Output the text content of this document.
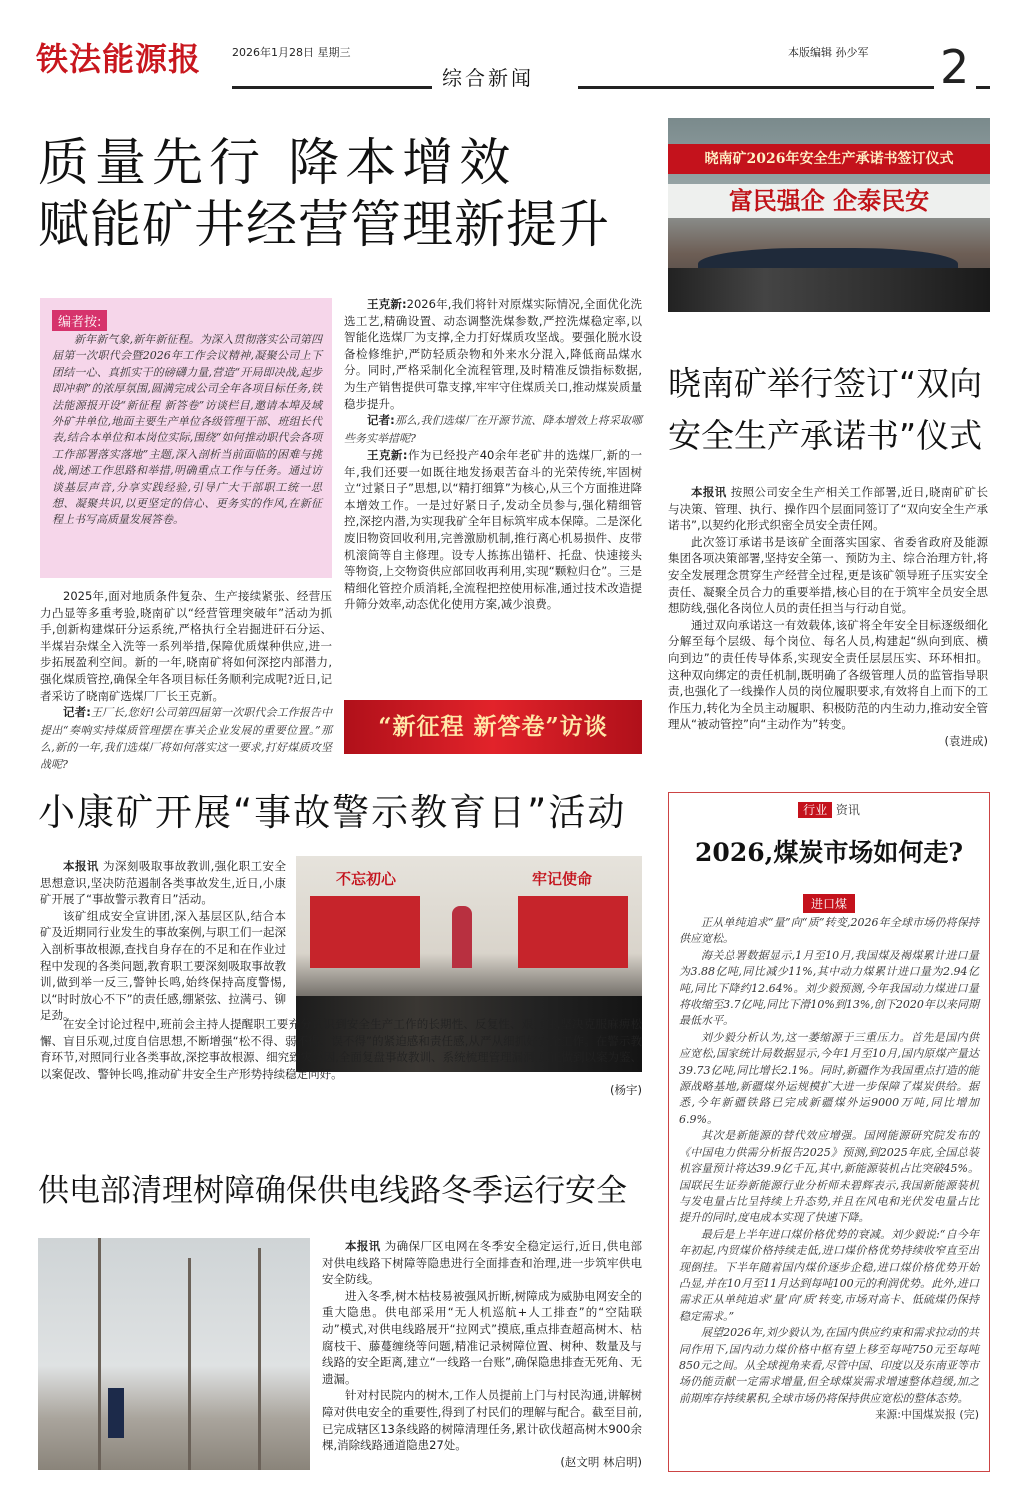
铁法能源报	2026年1月28日 星期三	本版编辑 孙少军
综合新闻	2
质量先行 降本增效
赋能矿井经营管理新提升
编者按:
新年新气象,新年新征程。为深入贯彻落实公司第四届第一次职代会暨2026年工作会议精神,凝聚公司上下团结一心、真抓实干的磅礴力量,营造“开局即决战,起步即冲刺”的浓厚氛围,圆满完成公司全年各项目标任务,铁法能源报开设“新征程 新答卷”访谈栏目,邀请本埠及域外矿井单位,地面主要生产单位各级管理干部、班组长代表,结合本单位和本岗位实际,围绕“如何推动职代会各项工作部署落实落地”主题,深入剖析当前面临的困难与挑战,阐述工作思路和举措,明确重点工作与任务。通过访谈基层声音,分享实践经验,引导广大干部职工统一思想、凝聚共识,以更坚定的信心、更务实的作风,在新征程上书写高质量发展答卷。

2025年,面对地质条件复杂、生产接续紧张、经营压力凸显等多重考验,晓南矿以“经营管理突破年”活动为抓手,创新构建煤矸分运系统,严格执行全岩掘进矸石分运、半煤岩杂煤全入洗等一系列举措,保障优质煤种供应,进一步拓展盈利空间。新的一年,晓南矿将如何深挖内部潜力,强化煤质管控,确保全年各项目标任务顺利完成呢?近日,记者采访了晓南矿选煤厂厂长王克新。

记者:王厂长,您好!公司第四届第一次职代会工作报告中提出“奏响实持煤质管理摆在事关企业发展的重要位置。”那么,新的一年,我们选煤厂将如何落实这一要求,打好煤质攻坚战呢?

王克新:2026年,我们将针对原煤实际情况,全面优化洗选工艺,精确设置、动态调整洗煤参数,严控洗煤稳定率,以智能化选煤厂为支撑,全力打好煤质攻坚战。要强化脱水设备检修维护,严防轻质杂物和外来水分混入,降低商品煤水分。同时,严格采制化全流程管理,及时精准反馈指标数据,为生产销售提供可靠支撑,牢牢守住煤质关口,推动煤炭质量稳步提升。

记者:那么,我们选煤厂在开源节流、降本增效上将采取哪些务实举措呢?

王克新:作为已经投产40余年老矿井的选煤厂,新的一年,我们还要一如既往地发扬艰苦奋斗的光荣传统,牢固树立“过紧日子”思想,以“精打细算”为核心,从三个方面推进降本增效工作。一是过好紧日子,发动全员参与,强化精细管控,深挖内潜,为实现我矿全年目标筑牢成本保障。二是深化废旧物资回收利用,完善激励机制,推行离心机易损件、皮带机滚筒等自主修理。设专人拣拣出锚杆、托盘、快速接头等物资,上交物资供应部回收再利用,实现“颗粒归仓”。三是精细化管控介质消耗,全流程把控使用标准,通过技术改造提升筛分效率,动态优化使用方案,减少浪费。

“新征程 新答卷”访谈
晓南矿2026年安全生产承诺书签订仪式
富民强企 企泰民安
晓南矿举行签订“双向
安全生产承诺书”仪式

本报讯 按照公司安全生产相关工作部署,近日,晓南矿矿长与决策、管理、执行、操作四个层面同签订了“双向安全生产承诺书”,以契约化形式织密全员安全责任网。

此次签订承诺书是该矿全面落实国家、省委省政府及能源集团各项决策部署,坚持安全第一、预防为主、综合治理方针,将安全发展理念贯穿生产经营全过程,更是该矿领导班子压实安全责任、凝聚全员合力的重要举措,核心目的在于筑牢全员安全思想防线,强化各岗位人员的责任担当与行动自觉。

通过双向承诺这一有效载体,该矿将全年安全目标逐级细化分解至每个层级、每个岗位、每名人员,构建起“纵向到底、横向到边”的责任传导体系,实现安全责任层层压实、环环相扣。这种双向绑定的责任机制,既明确了各级管理人员的监管指导职责,也强化了一线操作人员的岗位履职要求,有效将自上而下的工作压力,转化为全员主动履职、积极防范的内生动力,推动安全管理从“被动管控”向“主动作为”转变。

(袁进成)
小康矿开展“事故警示教育日”活动
不忘初心	牢记使命

本报讯 为深刻吸取事故教训,强化职工安全思想意识,坚决防范遏制各类事故发生,近日,小康矿开展了“事故警示教育日”活动。

该矿组成安全宣讲团,深入基层区队,结合本矿及近期同行业发生的事故案例,与职工们一起深入剖析事故根源,查找自身存在的不足和在作业过程中发现的各类问题,教育职工要深刻吸取事故教训,做到举一反三,警钟长鸣,始终保持高度警惕,以“时时放心不下”的责任感,绷紧弦、拉满弓、铆足劲。

在安全讨论过程中,班前会主持人提醒职工要充分认识到安全生产工作的长期性、反复性、艰巨性,坚决克服麻痹松懈、盲目乐观,过度自信思想,不断增强“松不得、弱不得、误不得”的紧迫感和责任感,从严从细抓好安全工作。在警示教育环节,对照同行业各类事故,深挖事故根源、细究致灾诱因,全面复盘事故教训、系统梳理管理漏洞,真正做到以案为鉴、以案促改、警钟长鸣,推动矿井安全生产形势持续稳定向好。

(杨宇)
供电部清理树障确保供电线路冬季运行安全

本报讯 为确保厂区电网在冬季安全稳定运行,近日,供电部对供电线路下树障等隐患进行全面排查和治理,进一步筑牢供电安全防线。

进入冬季,树木枯枝易被强风折断,树障成为威胁电网安全的重大隐患。供电部采用“无人机巡航+人工排查”的“空陆联动”模式,对供电线路展开“拉网式”摸底,重点排查超高树木、枯腐枝干、藤蔓缠绕等问题,精准记录树障位置、树种、数量及与线路的安全距离,建立“一线路一台账”,确保隐患排查无死角、无遗漏。

针对村民院内的树木,工作人员提前上门与村民沟通,讲解树障对供电安全的重要性,得到了村民们的理解与配合。截至目前,已完成辖区13条线路的树障清理任务,累计砍伐超高树木900余棵,消除线路通道隐患27处。

(赵文明 林启明)
行业 资讯
2026,煤炭市场如何走?
进口煤

正从单纯追求“量”向“质”转变,2026年全球市场仍将保持供应宽松。

海关总署数据显示,1月至10月,我国煤及褐煤累计进口量为3.88亿吨,同比减少11%,其中动力煤累计进口量为2.94亿吨,同比下降约12.64%。刘少毅预测,今年我国动力煤进口量将收缩至3.7亿吨,同比下滑10%到13%,创下2020年以来同期最低水平。

刘少毅分析认为,这一萎缩源于三重压力。首先是国内供应宽松,国家统计局数据显示,今年1月至10月,国内原煤产量达39.73亿吨,同比增长2.1%。同时,新疆作为我国重点打造的能源战略基地,新疆煤外运规模扩大进一步保障了煤炭供给。据悉,今年新疆铁路已完成新疆煤外运9000万吨,同比增加6.9%。

其次是新能源的替代效应增强。国网能源研究院发布的《中国电力供需分析报告2025》预测,到2025年底,全国总装机容量预计将达39.9亿千瓦,其中,新能源装机占比突破45%。国联民生证券新能源行业分析师未碧辉表示,我国新能源装机与发电量占比呈持续上升态势,并且在风电和光伏发电量占比提升的同时,度电成本实现了快速下降。

最后是上半年进口煤价格优势的衰减。刘少毅说:“自今年年初起,内贸煤价格持续走低,进口煤价格优势持续收窄直至出现倒挂。下半年随着国内煤价逐步企稳,进口煤价格优势开始凸显,并在10月至11月达到每吨100元的利润优势。此外,进口需求正从单纯追求‘量’向‘质’转变,市场对高卡、低硫煤仍保持稳定需求。”

展望2026年,刘少毅认为,在国内供应约束和需求拉动的共同作用下,国内动力煤价格中枢有望上移至每吨750元至每吨850元之间。从全球视角来看,尽管中国、印度以及东南亚等市场仍能贡献一定需求增量,但全球煤炭需求增速整体趋缓,加之前期库存持续累积,全球市场仍将保持供应宽松的整体态势。

来源:中国煤炭报 (完)
